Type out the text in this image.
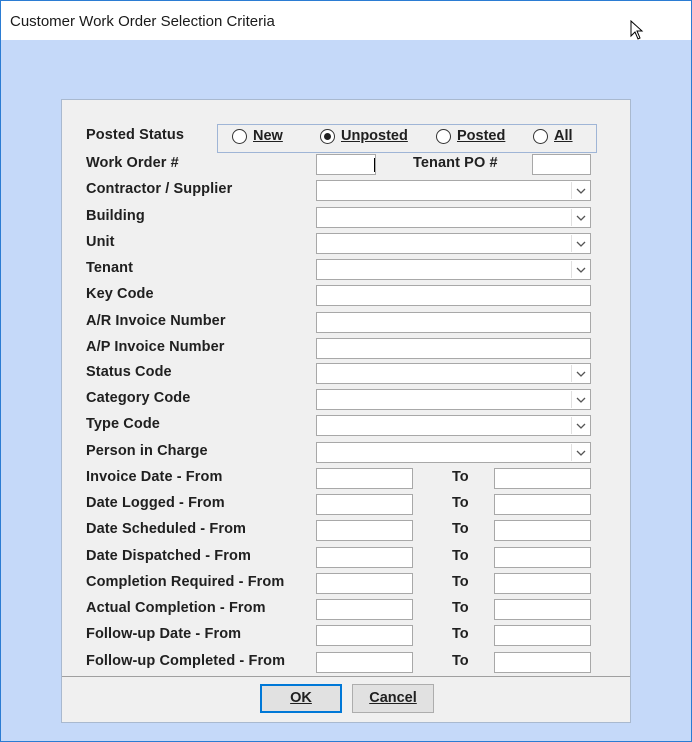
Customer Work Order Selection Criteria
Posted Status	New	Unposted	Posted	All
Work Order #	Tenant PO #
Contractor / Supplier
Building
Unit
Tenant
Key Code
A/R Invoice Number
A/P Invoice Number
Status Code
Category Code
Type Code
Person in Charge
Invoice Date - From	To
Date Logged - From	To
Date Scheduled - From	To
Date Dispatched - From	To
Completion Required - From	To
Actual Completion - From	To
Follow-up Date - From	To
Follow-up Completed - From	To
OK	Cancel
